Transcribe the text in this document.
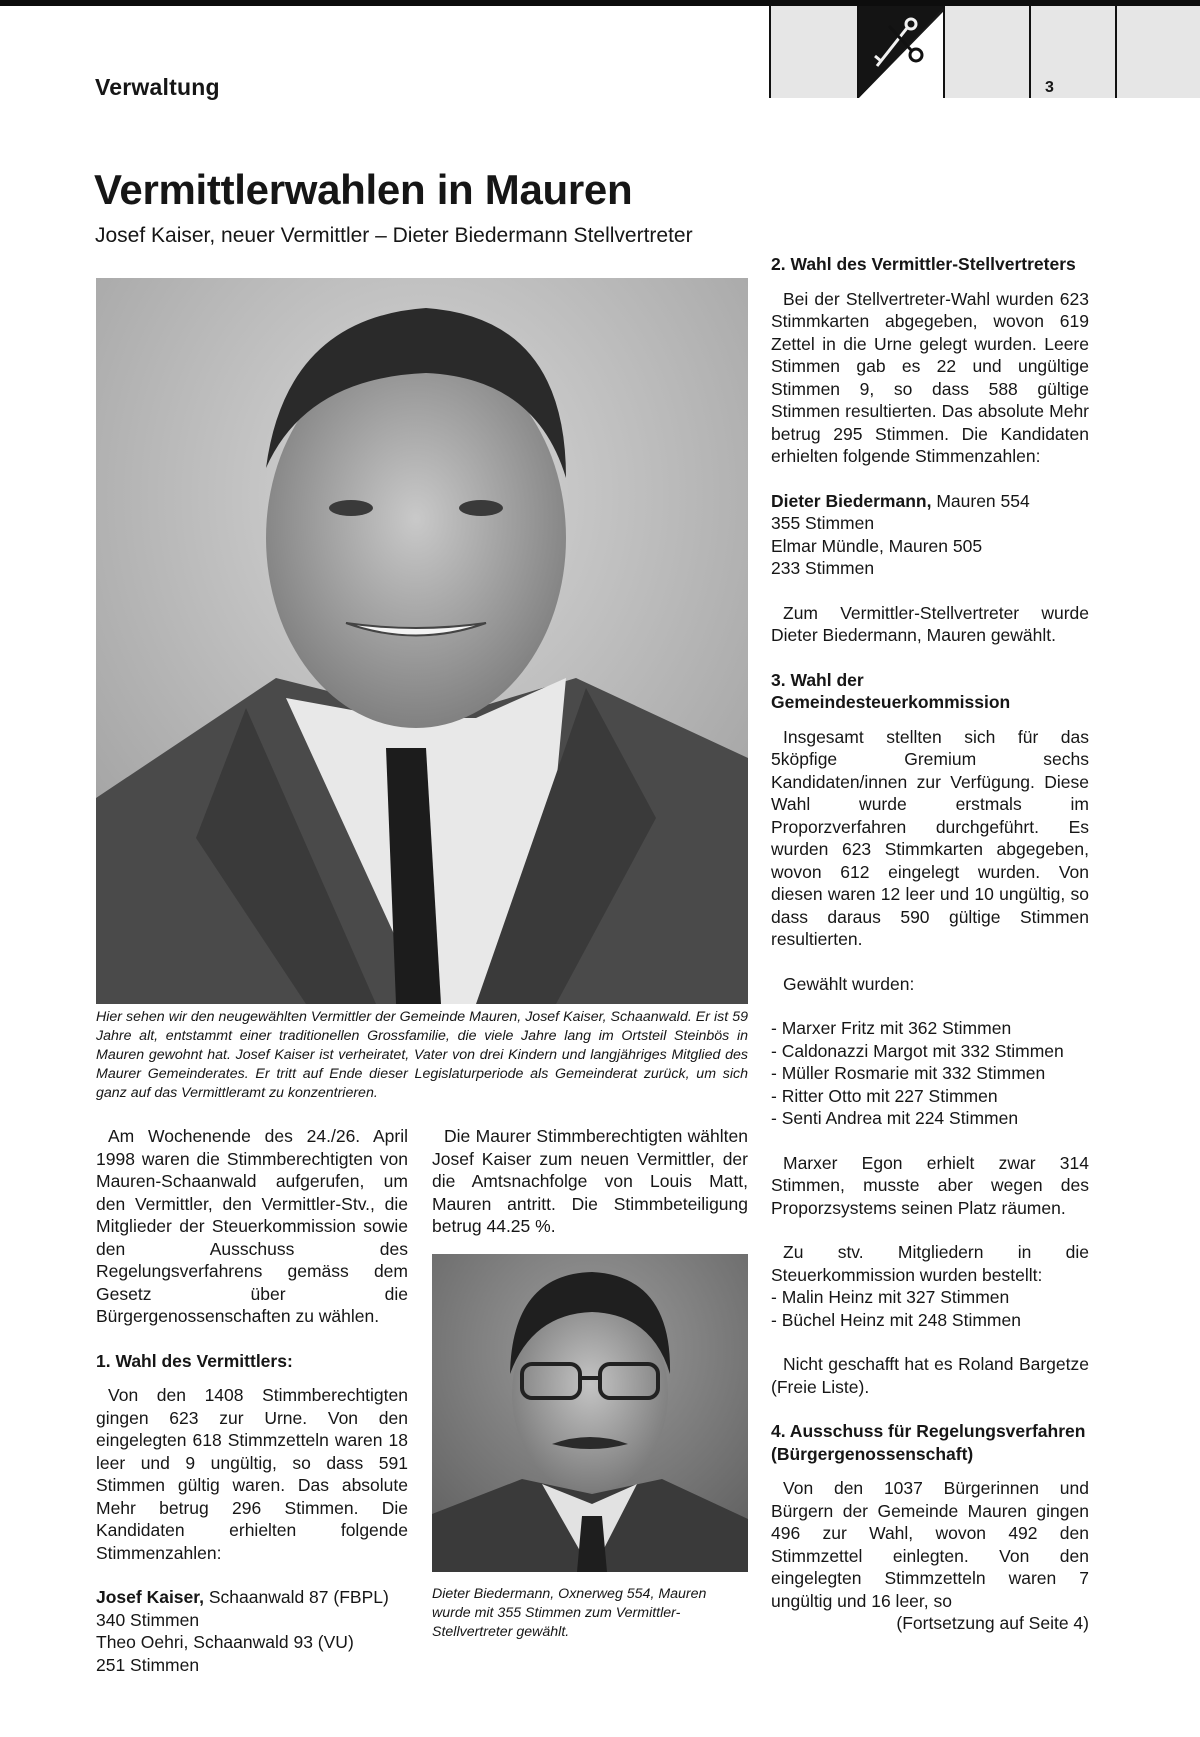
Verwaltung	3
Vermittlerwahlen in Mauren
Josef Kaiser, neuer Vermittler – Dieter Biedermann Stellvertreter
Hier sehen wir den neugewählten Vermittler der Gemeinde Mauren, Josef Kaiser, Schaanwald. Er ist 59 Jahre alt, entstammt einer traditionellen Grossfamilie, die viele Jahre lang im Ortsteil Steinbös in Mauren gewohnt hat. Josef Kaiser ist verheiratet, Vater von drei Kindern und langjähriges Mitglied des Maurer Gemeinderates. Er tritt auf Ende dieser Legislaturperiode als Gemeinderat zurück, um sich ganz auf das Vermittleramt zu konzentrieren.

Am Wochenende des 24./26. April 1998 waren die Stimmberechtigten von Mauren-Schaanwald aufgerufen, um den Vermittler, den Vermittler-Stv., die Mitglieder der Steuerkommission sowie den Ausschuss des Regelungsverfahrens gemäss dem Gesetz über die Bürgergenossenschaften zu wählen.

1. Wahl des Vermittlers:

Von den 1408 Stimmberechtigten gingen 623 zur Urne. Von den eingelegten 618 Stimmzetteln waren 18 leer und 9 ungültig, so dass 591 Stimmen gültig waren. Das absolute Mehr betrug 296 Stimmen. Die Kandidaten erhielten folgende Stimmenzahlen:

Josef Kaiser, Schaanwald 87 (FBPL)

340 Stimmen

Theo Oehri, Schaanwald 93 (VU)

251 Stimmen

Die Maurer Stimmberechtigten wählten Josef Kaiser zum neuen Vermittler, der die Amtsnachfolge von Louis Matt, Mauren antritt. Die Stimmbeteiligung betrug 44.25 %.

Dieter Biedermann, Oxnerweg 554, Mauren wurde mit 355 Stimmen zum Vermittler-Stellvertreter gewählt.

2. Wahl des Vermittler-Stellvertreters

Bei der Stellvertreter-Wahl wurden 623 Stimmkarten abgegeben, wovon 619 Zettel in die Urne gelegt wurden. Leere Stimmen gab es 22 und ungültige Stimmen 9, so dass 588 gültige Stimmen resultierten. Das absolute Mehr betrug 295 Stimmen. Die Kandidaten erhielten folgende Stimmenzahlen:

Dieter Biedermann, Mauren 554

355 Stimmen

Elmar Mündle, Mauren 505

233 Stimmen

Zum Vermittler-Stellvertreter wurde Dieter Biedermann, Mauren gewählt.

3. Wahl der Gemeindesteuerkommission

Insgesamt stellten sich für das 5köpfige Gremium sechs Kandidaten/innen zur Verfügung. Diese Wahl wurde erstmals im Proporzverfahren durchgeführt. Es wurden 623 Stimmkarten abgegeben, wovon 612 eingelegt wurden. Von diesen waren 12 leer und 10 ungültig, so dass daraus 590 gültige Stimmen resultierten.

Gewählt wurden:

- Marxer Fritz mit 362 Stimmen

- Caldonazzi Margot mit 332 Stimmen

- Müller Rosmarie mit 332 Stimmen

- Ritter Otto mit 227 Stimmen

- Senti Andrea mit 224 Stimmen

Marxer Egon erhielt zwar 314 Stimmen, musste aber wegen des Proporzsystems seinen Platz räumen.

Zu stv. Mitgliedern in die Steuerkommission wurden bestellt:

- Malin Heinz mit 327 Stimmen

- Büchel Heinz mit 248 Stimmen

Nicht geschafft hat es Roland Bargetze (Freie Liste).

4. Ausschuss für Regelungsverfahren (Bürgergenossenschaft)

Von den 1037 Bürgerinnen und Bürgern der Gemeinde Mauren gingen 496 zur Wahl, wovon 492 den Stimmzettel einlegten. Von den eingelegten Stimmzetteln waren 7 ungültig und 16 leer, so

(Fortsetzung auf Seite 4)
